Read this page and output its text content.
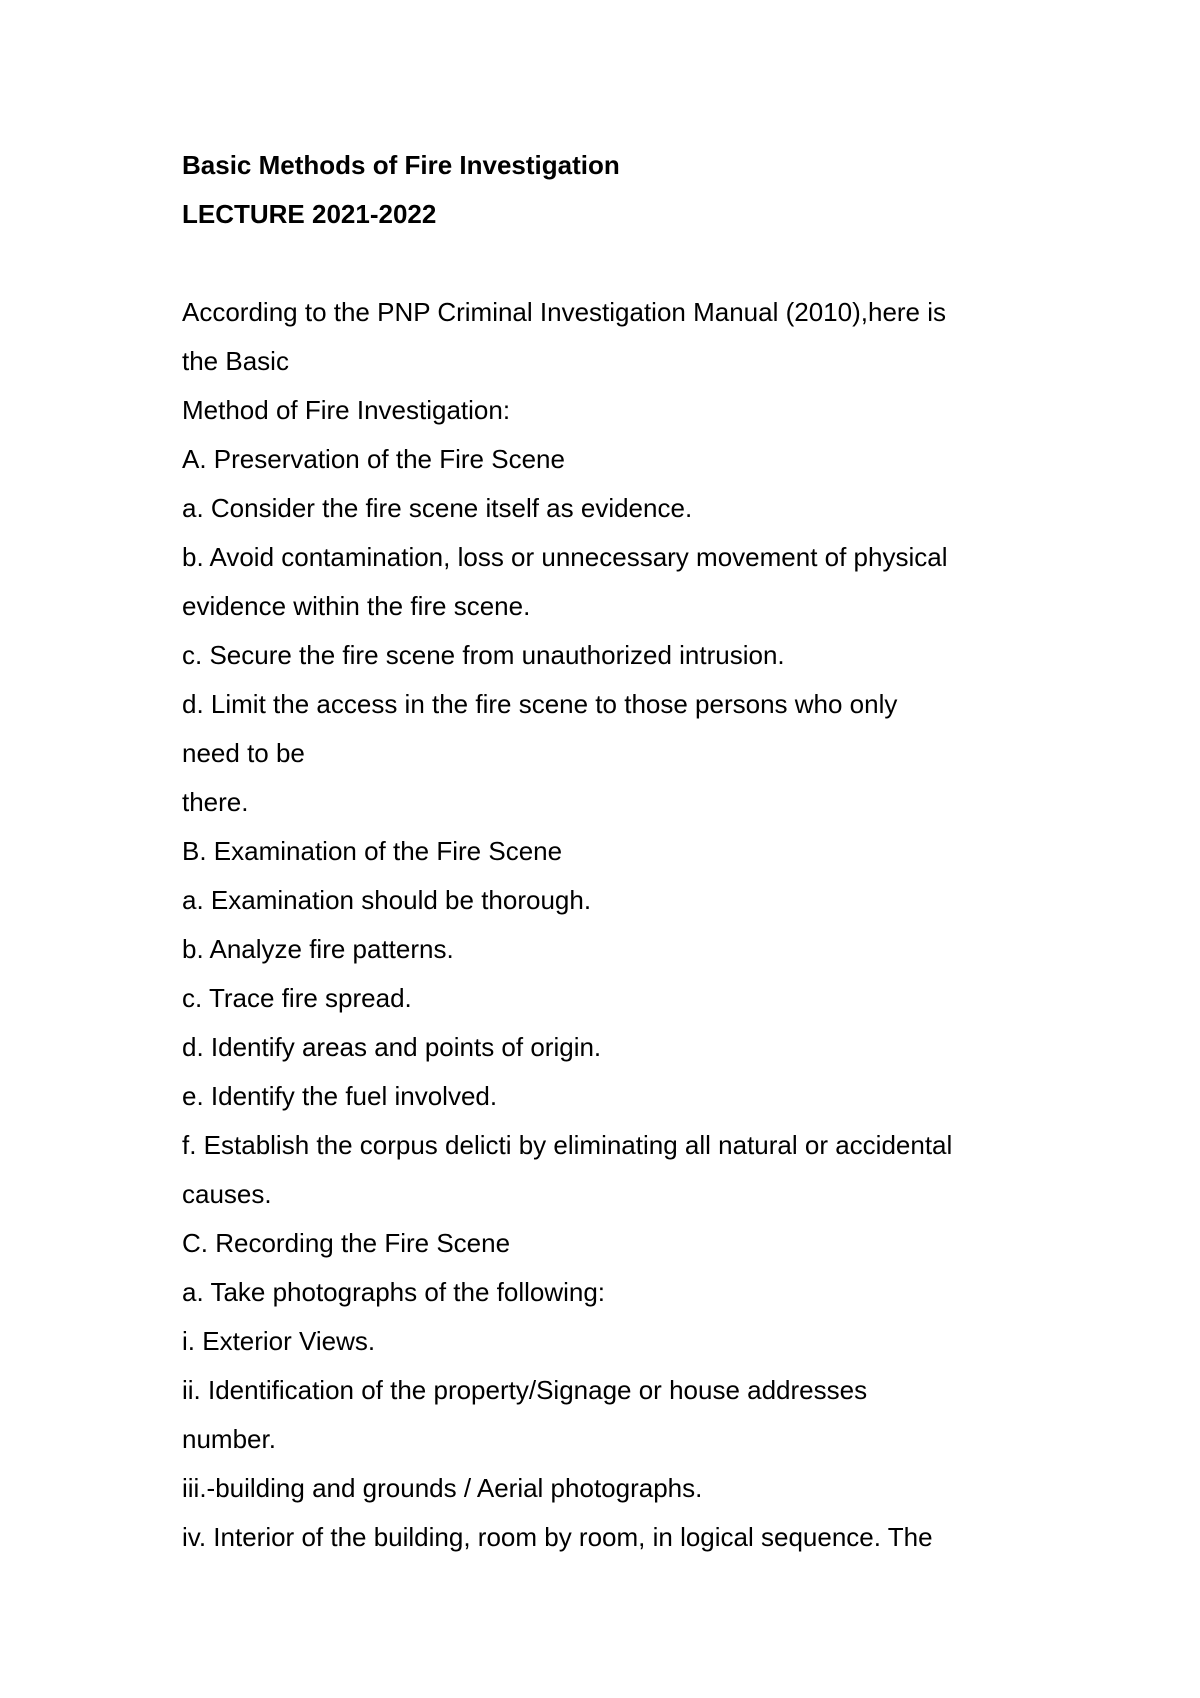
Basic Methods of Fire Investigation
LECTURE 2021-2022
According to the PNP Criminal Investigation Manual (2010),here is
the Basic
Method of Fire Investigation:
A. Preservation of the Fire Scene
a. Consider the fire scene itself as evidence.
b. Avoid contamination, loss or unnecessary movement of physical
evidence within the fire scene.
c. Secure the fire scene from unauthorized intrusion.
d. Limit the access in the fire scene to those persons who only
need to be
there.
B. Examination of the Fire Scene
a. Examination should be thorough.
b. Analyze fire patterns.
c. Trace fire spread.
d. Identify areas and points of origin.
e. Identify the fuel involved.
f. Establish the corpus delicti by eliminating all natural or accidental
causes.
C. Recording the Fire Scene
a. Take photographs of the following:
i. Exterior Views.
ii. Identification of the property/Signage or house addresses
number.
iii.-building and grounds / Aerial photographs.
iv. Interior of the building, room by room, in logical sequence. The
